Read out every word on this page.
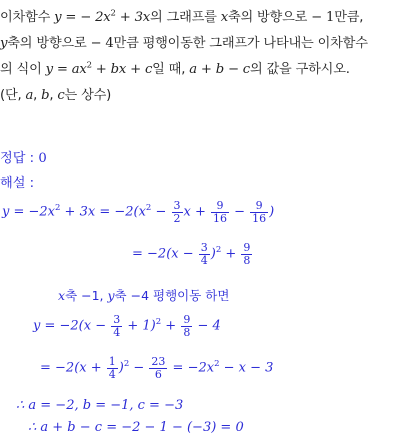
이차함수 y = − $2x^2 + 3x$의 그래프를 x축의 방향으로 − 1만큼,
y축의 방향으로 − 4만큼 평행이동한 그래프가 나타내는 이차함수
의 식이 $y = ax^2$ + bx + c일 때, a + b − c의 값을 구하시오.
(단, a, b, c는 상수)
정답 : 0
해설 :
$y = -2x^2 + 3x = -2(x^2 - \frac{3}{2}$ $x + \frac{9}{16} - \frac{9}{16}$ )
= $-2(x - \frac{3}{4} )^2 + \frac{9}{8}$
x축 −1, y축 −4 평행이동 하면
$y = -2(x - \frac{3}{4} + 1)^2 + \frac{9}{8} - 4$
= $-2(x + \frac{1}{4} )^2 - \frac{23}{6} = -2x^2 - x - 3$
∴ a = −2, b = −1, c = −3
∴ a + b − c = −2 − 1 − (−3) = 0
